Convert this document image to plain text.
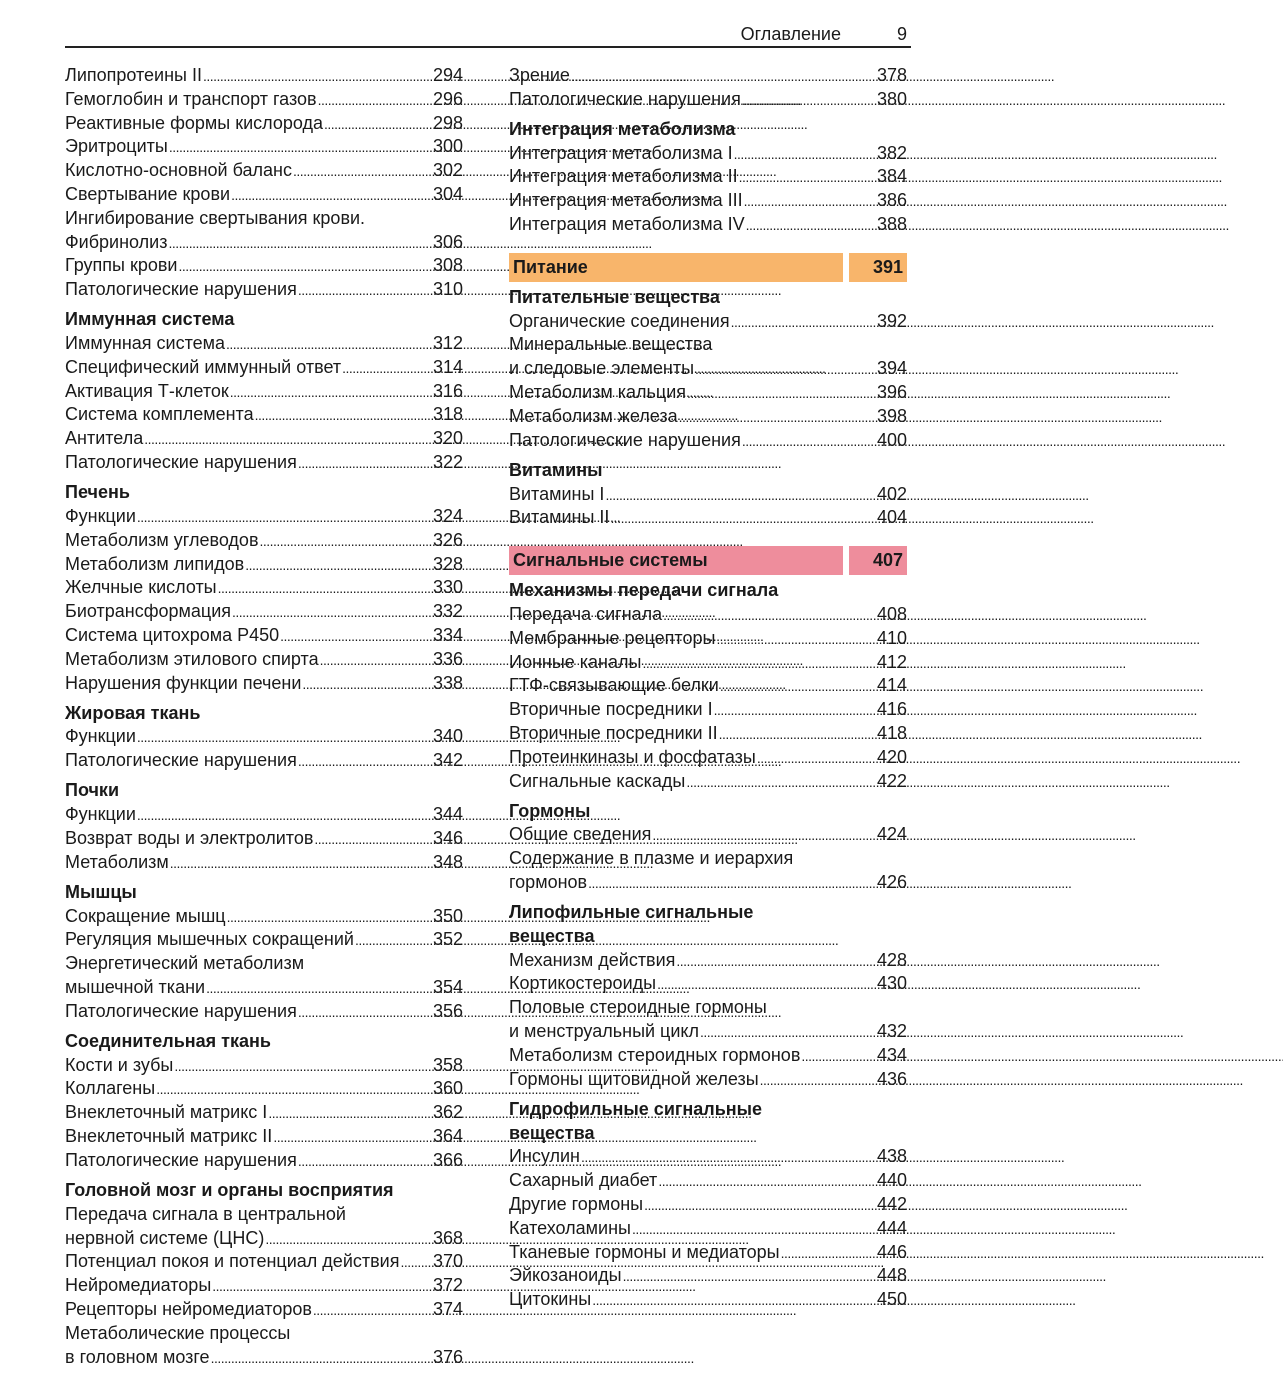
Оглавление	9
Липопротеины II . . .	294
Гемоглобин и транспорт газов . . .	296
Реактивные формы кислорода . . .	298
Эритроциты . . .	300
Кислотно-основной баланс . . .	302
Свертывание крови . . .	304
Ингибирование свертывания крови.
Фибринолиз . . .	306
Группы крови . . .	308
Патологические нарушения . . .	310
Иммунная система
Иммунная система . . .	312
Специфический иммунный ответ . . .	314
Активация Т-клеток . . .	316
Система комплемента . . .	318
Антитела . . .	320
Патологические нарушения . . .	322
Печень
Функции . . .	324
Метаболизм углеводов . . .	326
Метаболизм липидов . . .	328
Желчные кислоты . . .	330
Биотрансформация . . .	332
Система цитохрома Р450 . . .	334
Метаболизм этилового спирта . . .	336
Нарушения функции печени . . .	338
Жировая ткань
Функции . . .	340
Патологические нарушения . . .	342
Почки
Функции . . .	344
Возврат воды и электролитов . . .	346
Метаболизм . . .	348
Мышцы
Сокращение мышц . . .	350
Регуляция мышечных сокращений . . .	352
Энергетический метаболизм
мышечной ткани . . .	354
Патологические нарушения . . .	356
Соединительная ткань
Кости и зубы . . .	358
Коллагены . . .	360
Внеклеточный матрикс I . . .	362
Внеклеточный матрикс II . . .	364
Патологические нарушения . . .	366
Головной мозг и органы восприятия
Передача сигнала в центральной
нервной системе (ЦНС) . . .	368
Потенциал покоя и потенциал действия . . . 370
Нейромедиаторы . . .	372
Рецепторы нейромедиаторов . . .	374
Метаболические процессы
в головном мозге . . .	376
Зрение . . .	378
Патологические нарушения . . .	380
Интеграция метаболизма
Интеграция метаболизма I . . .	382
Интеграция метаболизма II . . .	384
Интеграция метаболизма III . . .	386
Интеграция метаболизма IV . . .	388
Питание	391
Питательные вещества
Органические соединения . . .	392
Минеральные вещества
и следовые элементы . . .	394
Метаболизм кальция . . .	396
Метаболизм железа . . .	398
Патологические нарушения . . .	400
Витамины
Витамины I . . .	402
Витамины II . . .	404
Сигнальные системы	407
Механизмы передачи сигнала
Передача сигнала . . .	408
Мембранные рецепторы . . .	410
Ионные каналы . . .	412
ГТФ-связывающие белки . . .	414
Вторичные посредники I . . .	416
Вторичные посредники II . . .	418
Протеинкиназы и фосфатазы . . .	420
Сигнальные каскады . . .	422
Гормоны
Общие сведения . . .	424
Содержание в плазме и иерархия
гормонов . . .	426
Липофильные сигнальные
вещества
Механизм действия . . .	428
Кортикостероиды . . .	430
Половые стероидные гормоны
и менструальный цикл . . .	432
Метаболизм стероидных гормонов . . .	434
Гормоны щитовидной железы . . .	436
Гидрофильные сигнальные
вещества
Инсулин . . .	438
Сахарный диабет . . .	440
Другие гормоны . . .	442
Катехоламины . . .	444
Тканевые гормоны и медиаторы . . .	446
Эйкозаноиды . . .	448
Цитокины . . .	450
